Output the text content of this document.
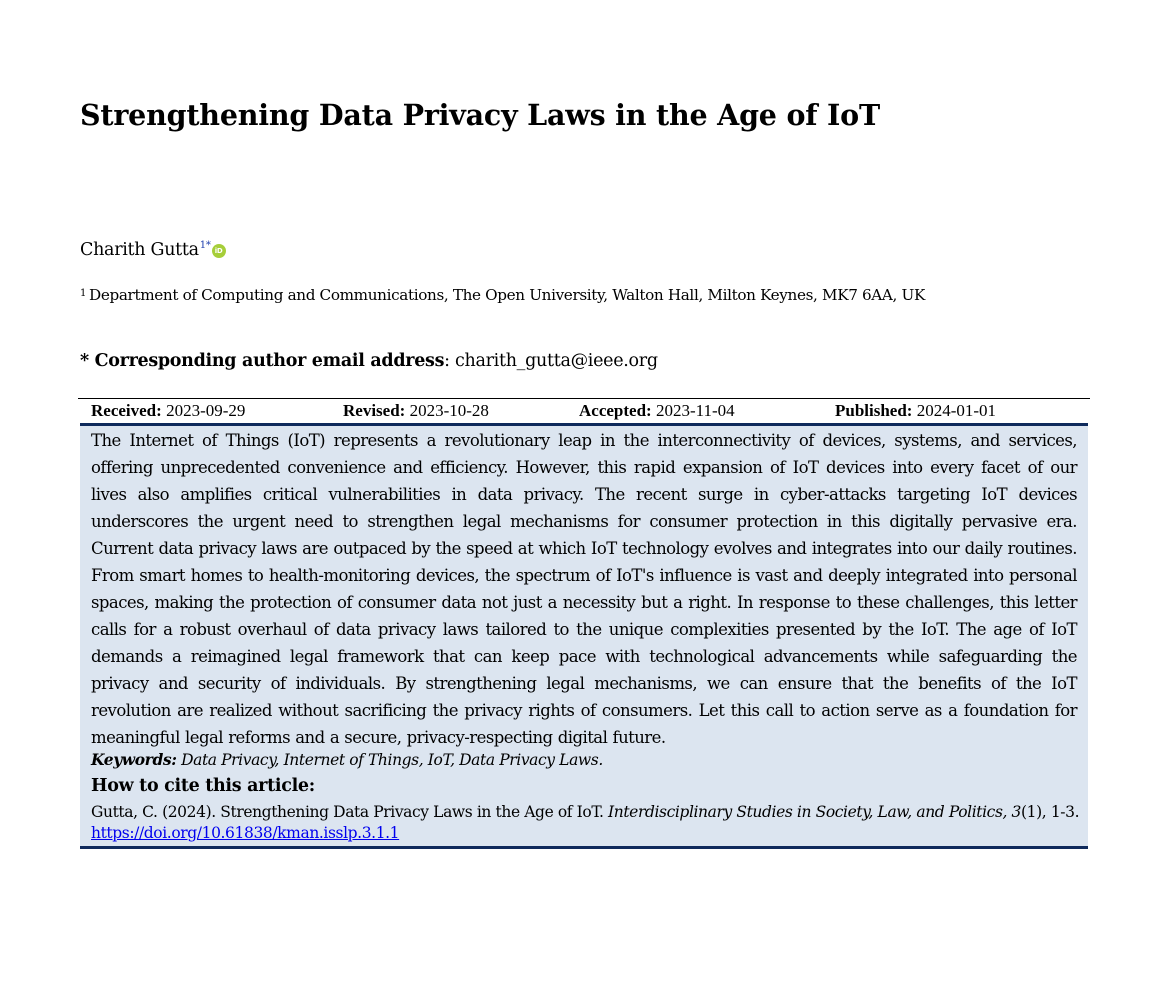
Strengthening Data Privacy Laws in the Age of IoT
Charith Gutta$^{1*}$ iD
$^1$ Department of Computing and Communications, The Open University, Walton Hall, Milton Keynes, MK7 6AA, UK
* Corresponding author email address: charith_gutta@ieee.org
Received: 2023-09-29	Revised: 2023-10-28	Accepted: 2023-11-04	Published: 2024-01-01

The Internet of Things (IoT) represents a revolutionary leap in the interconnectivity of devices, systems, and services, offering unprecedented convenience and efficiency. However, this rapid expansion of IoT devices into every facet of our lives also amplifies critical vulnerabilities in data privacy. The recent surge in cyber-attacks targeting IoT devices underscores the urgent need to strengthen legal mechanisms for consumer protection in this digitally pervasive era. Current data privacy laws are outpaced by the speed at which IoT technology evolves and integrates into our daily routines. From smart homes to health-monitoring devices, the spectrum of IoT's influence is vast and deeply integrated into personal spaces, making the protection of consumer data not just a necessity but a right. In response to these challenges, this letter calls for a robust overhaul of data privacy laws tailored to the unique complexities presented by the IoT. The age of IoT demands a reimagined legal framework that can keep pace with technological advancements while safeguarding the privacy and security of individuals. By strengthening legal mechanisms, we can ensure that the benefits of the IoT revolution are realized without sacrificing the privacy rights of consumers. Let this call to action serve as a foundation for meaningful legal reforms and a secure, privacy-respecting digital future.

Keywords: Data Privacy, Internet of Things, IoT, Data Privacy Laws.
How to cite this article:
Gutta, C. (2024). Strengthening Data Privacy Laws in the Age of IoT. Interdisciplinary Studies in Society, Law, and Politics, 3(1), 1-3.
https://doi.org/10.61838/kman.isslp.3.1.1
